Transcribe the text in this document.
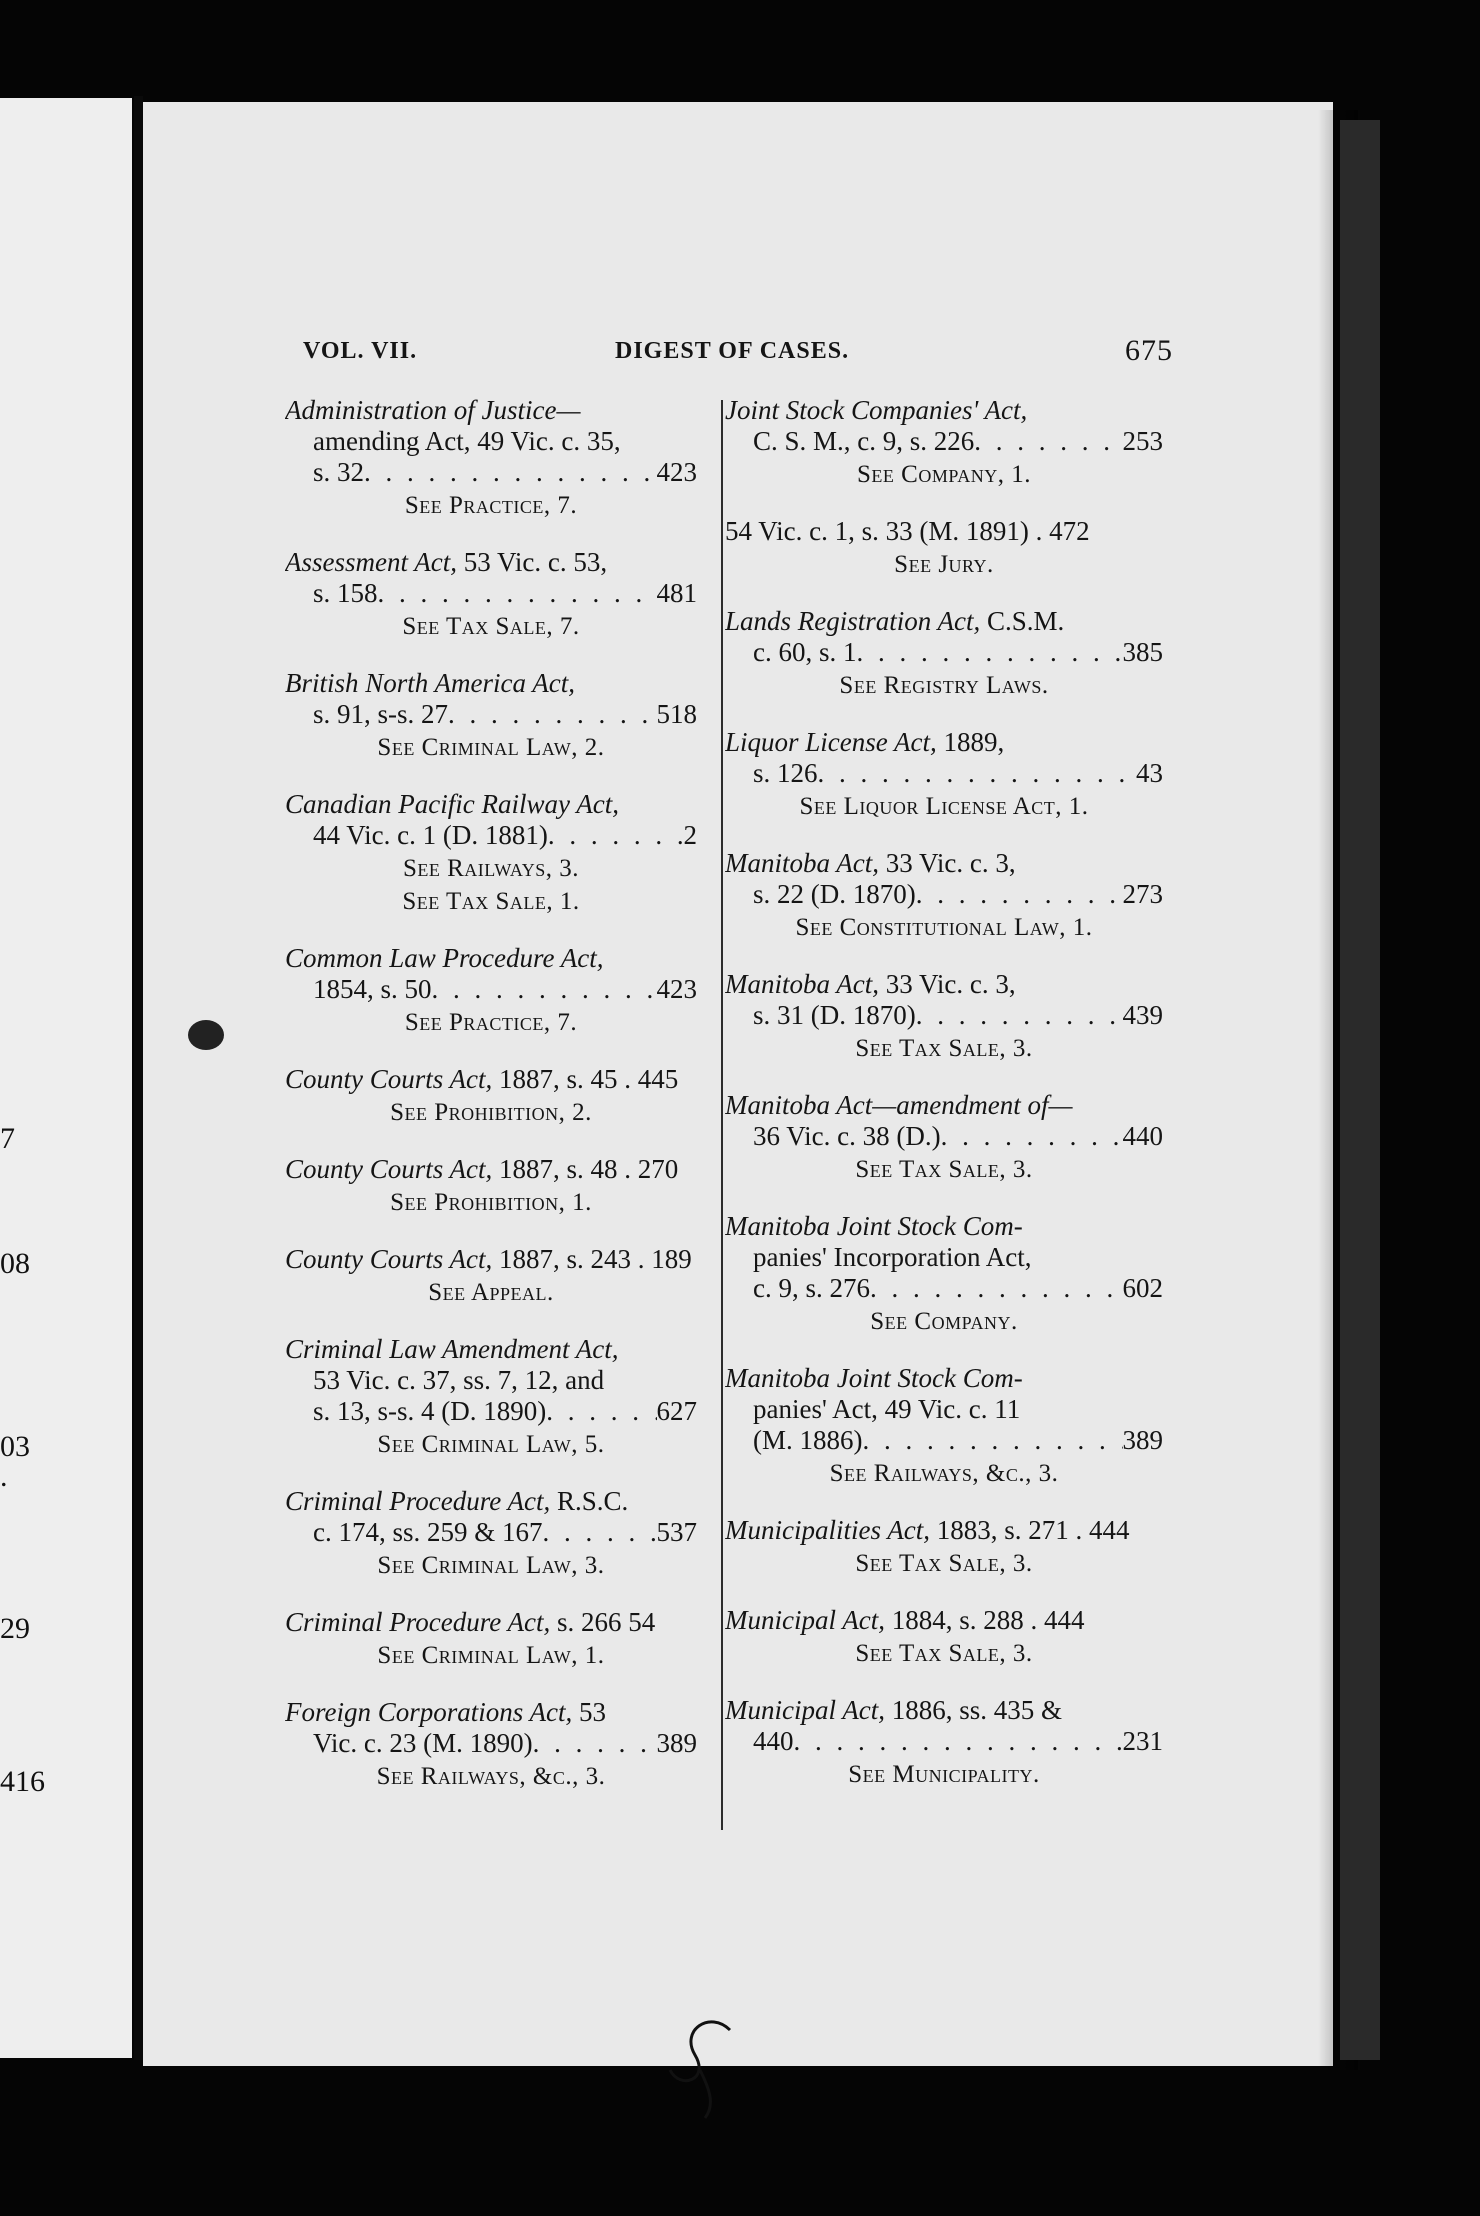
7
08
03
.
29
416
VOL. VII.	DIGEST OF CASES.	675
Administration of Justice—
amending Act, 49 Vic. c. 35,
s. 32 . . .	423
See Practice, 7.
Assessment Act, 53 Vic. c. 53,
s. 158 . . .	481
See Tax Sale, 7.
British North America Act,
s. 91, s-s. 27 . . .	518
See Criminal Law, 2.
Canadian Pacific Railway Act,
44 Vic. c. 1 (D. 1881) . . .	2
See Railways, 3.
See Tax Sale, 1.
Common Law Procedure Act,
1854, s. 50 . . .	423
See Practice, 7.
County Courts Act, 1887, s. 45 . 445
See Prohibition, 2.
County Courts Act, 1887, s. 48 . 270
See Prohibition, 1.
County Courts Act, 1887, s. 243 . 189
See Appeal.
Criminal Law Amendment Act,
53 Vic. c. 37, ss. 7, 12, and
s. 13, s-s. 4 (D. 1890) . . .	627
See Criminal Law, 5.
Criminal Procedure Act, R.S.C.
c. 174, ss. 259 & 167 . . .	537
See Criminal Law, 3.
Criminal Procedure Act, s. 266 54
See Criminal Law, 1.
Foreign Corporations Act, 53
Vic. c. 23 (M. 1890) . . .	389
See Railways, &c., 3.
Joint Stock Companies' Act,
C. S. M., c. 9, s. 226 . . .	253
See Company, 1.
54 Vic. c. 1, s. 33 (M. 1891) . 472
See Jury.
Lands Registration Act, C.S.M.
c. 60, s. 1 . . .	385
See Registry Laws.
Liquor License Act, 1889,
s. 126 . . .	43
See Liquor License Act, 1.
Manitoba Act, 33 Vic. c. 3,
s. 22 (D. 1870) . . .	273
See Constitutional Law, 1.
Manitoba Act, 33 Vic. c. 3,
s. 31 (D. 1870) . . .	439
See Tax Sale, 3.
Manitoba Act—amendment of—
36 Vic. c. 38 (D.) . . .	440
See Tax Sale, 3.
Manitoba Joint Stock Com-
panies' Incorporation Act,
c. 9, s. 276 . . .	602
See Company.
Manitoba Joint Stock Com-
panies' Act, 49 Vic. c. 11
(M. 1886) . . .	389
See Railways, &c., 3.
Municipalities Act, 1883, s. 271 . 444
See Tax Sale, 3.
Municipal Act, 1884, s. 288 . 444
See Tax Sale, 3.
Municipal Act, 1886, ss. 435 &
440 . . .	231
See Municipality.
